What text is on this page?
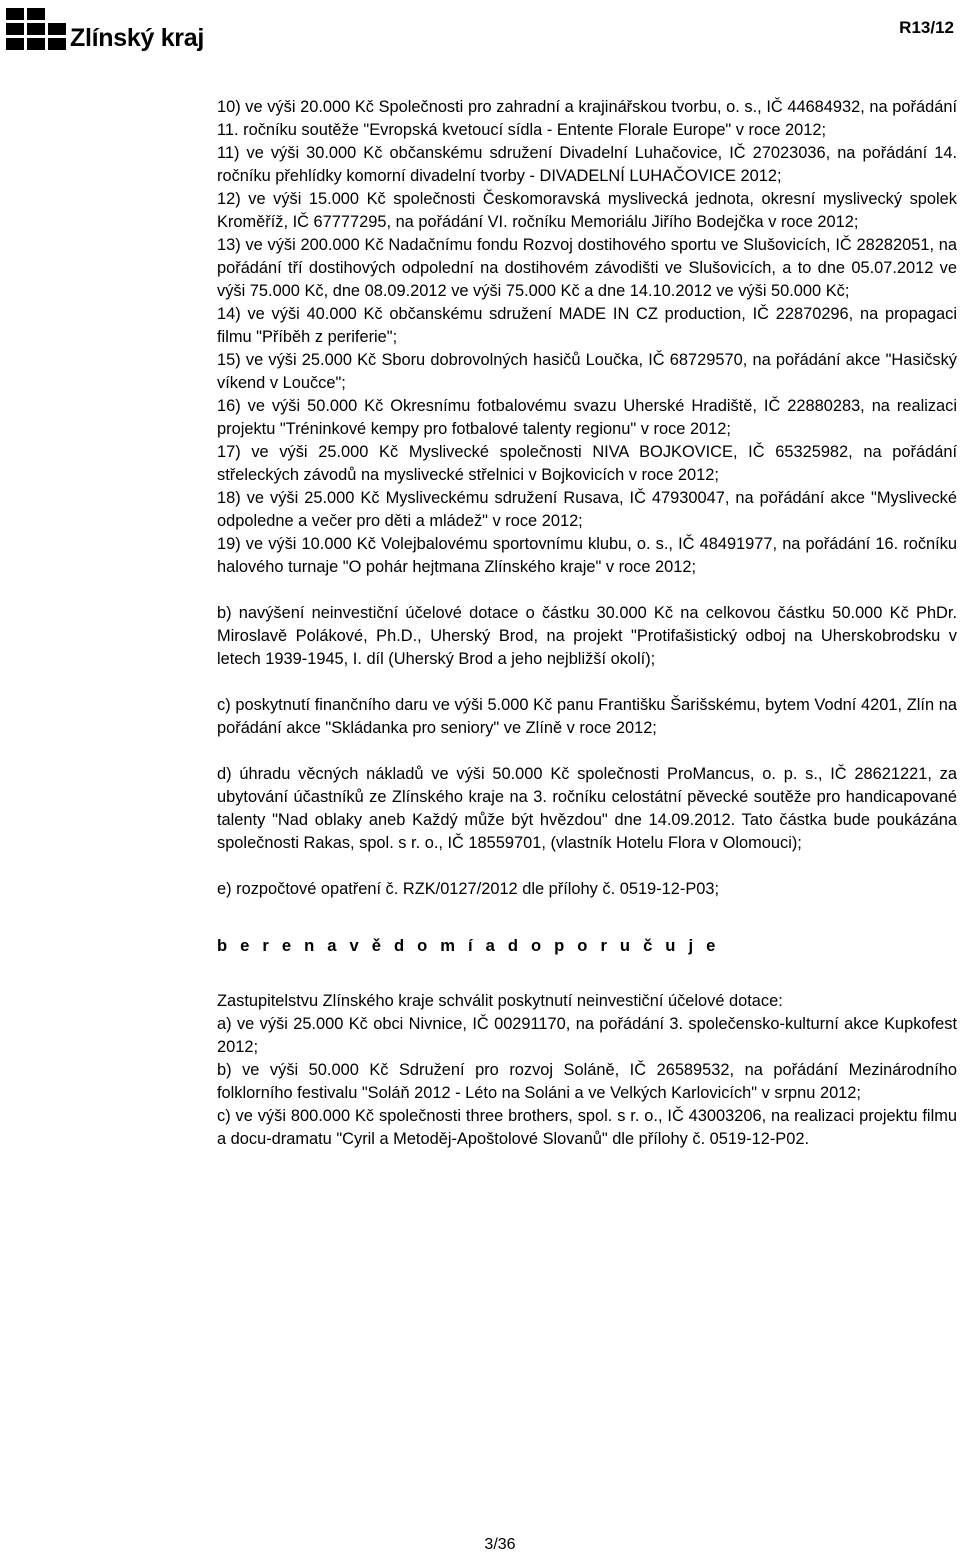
Zlínský kraj	R13/12

10) ve výši 20.000 Kč Společnosti pro zahradní a krajinářskou tvorbu, o. s., IČ 44684932, na pořádání 11. ročníku soutěže "Evropská kvetoucí sídla - Entente Florale Europe" v roce 2012;

11) ve výši 30.000 Kč občanskému sdružení Divadelní Luhačovice, IČ 27023036, na pořádání 14. ročníku přehlídky komorní divadelní tvorby - DIVADELNÍ LUHAČOVICE 2012;

12) ve výši 15.000 Kč společnosti Českomoravská myslivecká jednota, okresní myslivecký spolek Kroměříž, IČ 67777295, na pořádání VI. ročníku Memoriálu Jiřího Bodejčka v roce 2012;

13) ve výši 200.000 Kč Nadačnímu fondu Rozvoj dostihového sportu ve Slušovicích, IČ 28282051, na pořádání tří dostihových odpolední na dostihovém závodišti ve Slušovicích, a to dne 05.07.2012 ve výši 75.000 Kč, dne 08.09.2012 ve výši 75.000 Kč a dne 14.10.2012 ve výši 50.000 Kč;

14) ve výši 40.000 Kč občanskému sdružení MADE IN CZ production, IČ 22870296, na propagaci filmu "Příběh z periferie";

15) ve výši 25.000 Kč Sboru dobrovolných hasičů Loučka, IČ 68729570, na pořádání akce "Hasičský víkend v Loučce";

16) ve výši 50.000 Kč Okresnímu fotbalovému svazu Uherské Hradiště, IČ 22880283, na realizaci projektu "Tréninkové kempy pro fotbalové talenty regionu" v roce 2012;

17) ve výši 25.000 Kč Myslivecké společnosti NIVA BOJKOVICE, IČ 65325982, na pořádání střeleckých závodů na myslivecké střelnici v Bojkovicích v roce 2012;

18) ve výši 25.000 Kč Mysliveckému sdružení Rusava, IČ 47930047, na pořádání akce "Myslivecké odpoledne a večer pro děti a mládež" v roce 2012;

19) ve výši 10.000 Kč Volejbalovému sportovnímu klubu, o. s., IČ 48491977, na pořádání 16. ročníku halového turnaje "O pohár hejtmana Zlínského kraje" v roce 2012;

b) navýšení neinvestiční účelové dotace o částku 30.000 Kč na celkovou částku 50.000 Kč PhDr. Miroslavě Polákové, Ph.D., Uherský Brod, na projekt "Protifašistický odboj na Uherskobrodsku v letech 1939-1945, I. díl (Uherský Brod a jeho nejbližší okolí);

c) poskytnutí finančního daru ve výši 5.000 Kč panu Františku Šarišskému, bytem Vodní 4201, Zlín na pořádání akce "Skládanka pro seniory" ve Zlíně v roce 2012;

d) úhradu věcných nákladů ve výši 50.000 Kč společnosti ProMancus, o. p. s., IČ 28621221, za ubytování účastníků ze Zlínského kraje na 3. ročníku celostátní pěvecké soutěže pro handicapované talenty "Nad oblaky aneb Každý může být hvězdou" dne 14.09.2012. Tato částka bude poukázána společnosti Rakas, spol. s r. o., IČ 18559701, (vlastník Hotelu Flora v Olomouci);

e) rozpočtové opatření č. RZK/0127/2012 dle přílohy č. 0519-12-P03;

b e r e n a v ě d o m í a d o p o r u č u j e

Zastupitelstvu Zlínského kraje schválit poskytnutí neinvestiční účelové dotace:

a) ve výši 25.000 Kč obci Nivnice, IČ 00291170, na pořádání 3. společensko-kulturní akce Kupkofest 2012;

b) ve výši 50.000 Kč Sdružení pro rozvoj Soláně, IČ 26589532, na pořádání Mezinárodního folklorního festivalu "Soláň 2012 - Léto na Soláni a ve Velkých Karlovicích" v srpnu 2012;

c) ve výši 800.000 Kč společnosti three brothers, spol. s r. o., IČ 43003206, na realizaci projektu filmu a docu-dramatu "Cyril a Metoděj-Apoštolové Slovanů" dle přílohy č. 0519-12-P02.

3/36
